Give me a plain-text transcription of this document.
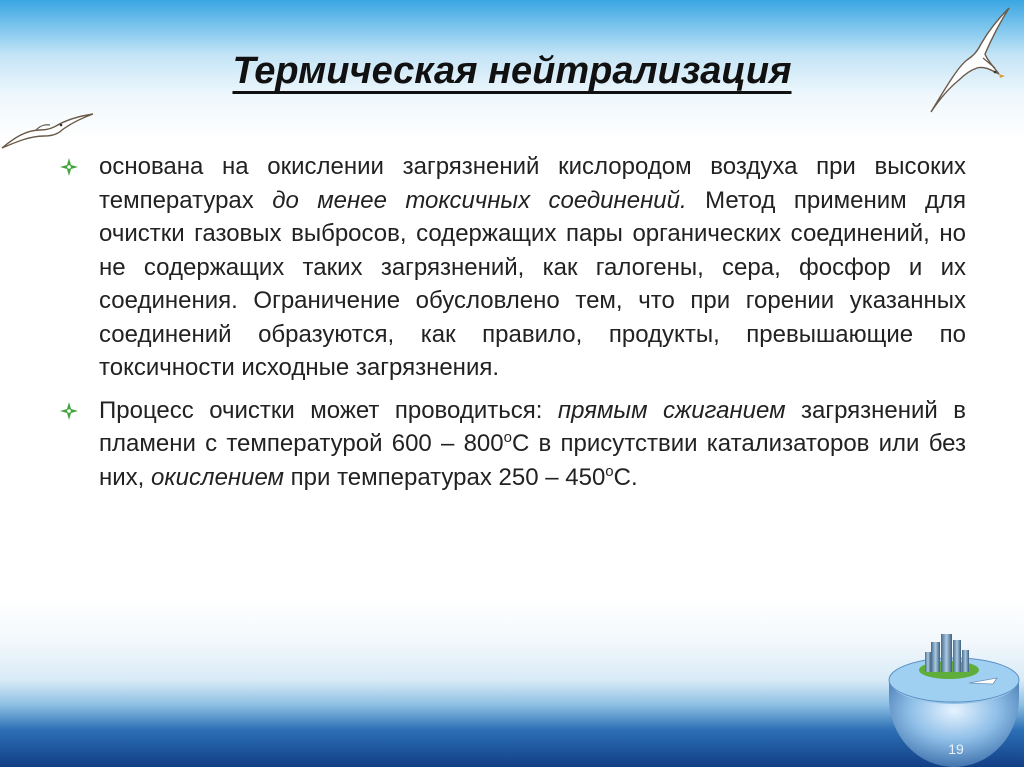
Термическая нейтрализация
основана на окислении загрязнений кислородом воздуха при высоких температурах до менее токсичных соединений. Метод применим для очистки газовых выбросов, содержащих пары органических соединений, но не содержащих таких загрязнений, как галогены, сера, фосфор и их соединения. Ограничение обусловлено тем, что при горении указанных соединений образуются, как правило, продукты, превышающие по токсичности исходные загрязнения.
Процесс очистки может проводиться: прямым сжиганием загрязнений в пламени с температурой $600 - 800^оС$ в присутствии катализаторов или без них, окислением при температурах $250 - 450^оС$.
19
